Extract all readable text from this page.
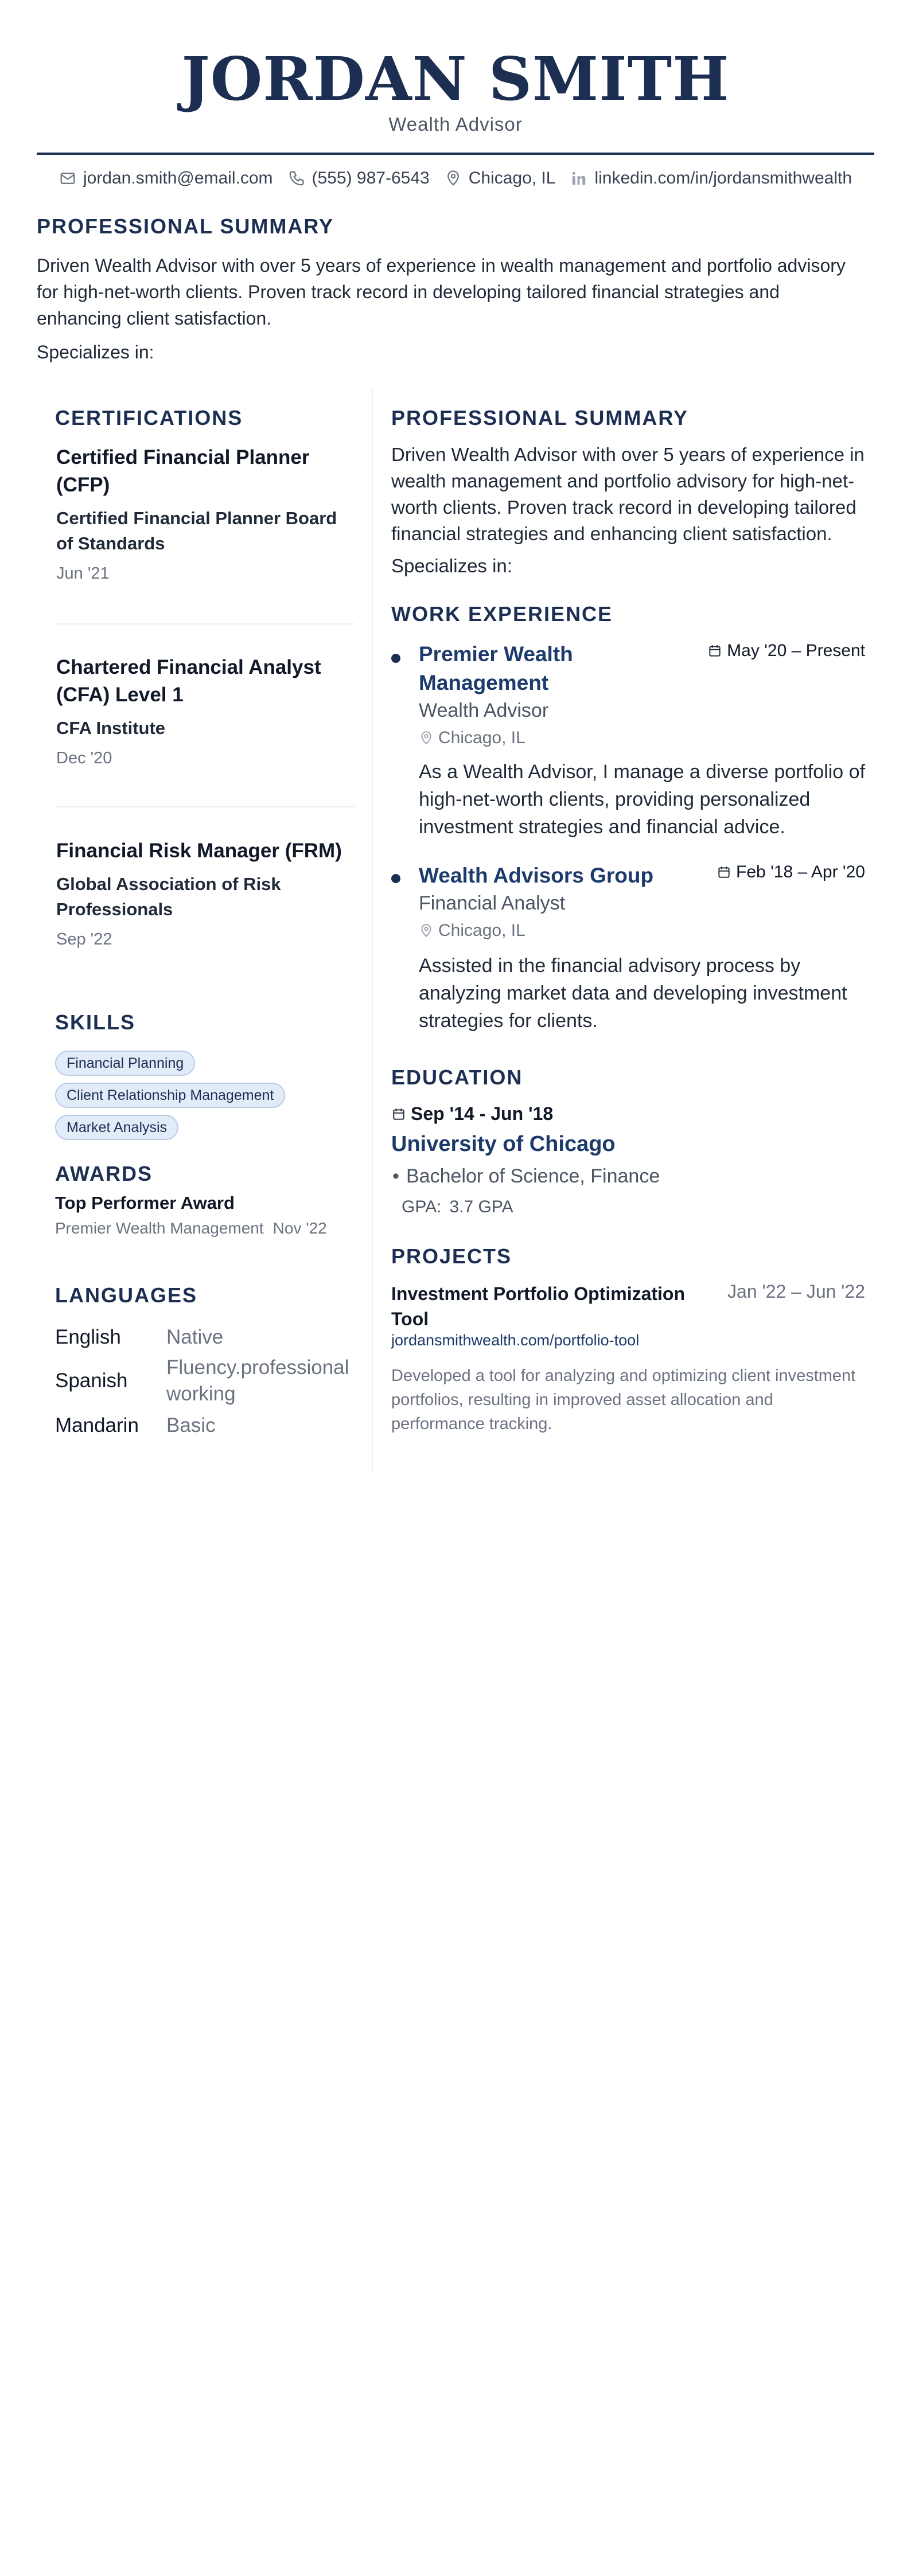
JORDAN SMITH
Wealth Advisor
jordan.smith@email.com (555) 987-6543 Chicago, IL linkedin.com/in/jordansmithwealth
PROFESSIONAL SUMMARY
Driven Wealth Advisor with over 5 years of experience in wealth management and portfolio advisory for high-net-worth clients. Proven track record in developing tailored financial strategies and enhancing client satisfaction.
Specializes in:
CERTIFICATIONS
Certified Financial Planner (CFP)
Certified Financial Planner Board of Standards
Jun '21
Chartered Financial Analyst (CFA) Level 1
CFA Institute
Dec '20
Financial Risk Manager (FRM)
Global Association of Risk Professionals
Sep '22
SKILLS
Financial Planning
Client Relationship Management
Market Analysis
AWARDS
Top Performer Award
Premier Wealth Management Nov '22
LANGUAGES
English Native
Spanish
Fluency.professional working
Mandarin Basic
PROFESSIONAL SUMMARY
Driven Wealth Advisor with over 5 years of experience in wealth management and portfolio advisory for high-net-worth clients. Proven track record in developing tailored financial strategies and enhancing client satisfaction.
Specializes in:
WORK EXPERIENCE
Premier Wealth Management
May '20 – Present
Wealth Advisor
Chicago, IL
As a Wealth Advisor, I manage a diverse portfolio of high-net-worth clients, providing personalized investment strategies and financial advice.
Wealth Advisors Group	Feb '18 – Apr '20
Financial Analyst
Chicago, IL
Assisted in the financial advisory process by analyzing market data and developing investment strategies for clients.
EDUCATION
Sep '14 - Jun '18
University of Chicago
• Bachelor of Science, Finance
GPA: 3.7 GPA
PROJECTS
Investment Portfolio Optimization Tool
Jan '22 – Jun '22
jordansmithwealth.com/portfolio-tool
Developed a tool for analyzing and optimizing client investment portfolios, resulting in improved asset allocation and performance tracking.
